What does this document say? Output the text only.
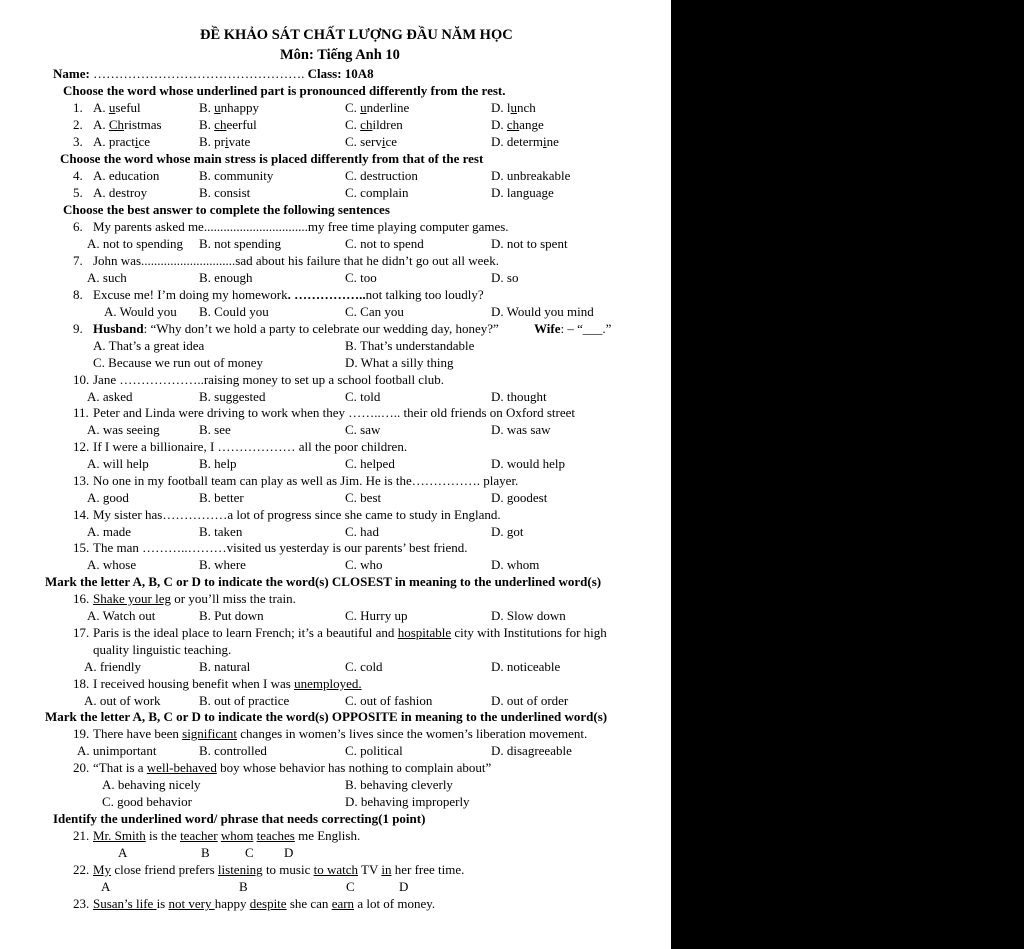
ĐỀ KHẢO SÁT CHẤT LƯỢNG ĐẦU NĂM HỌC
Môn: Tiếng Anh 10
Name: …………………………………………. Class: 10A8
Choose the word whose underlined part is pronounced differently from the rest.
1. A. useful	B. unhappy	C. underline	D. lunch
2. A. Christmas	B. cheerful	C. children	D. change
3. A. practice	B. private	C. service	D. determine
Choose the word whose main stress is placed differently from that of the rest
4. A. education	B. community	C. destruction	D. unbreakable
5. A. destroy	B. consist	C. complain	D. language
Choose the best answer to complete the following sentences
6. My parents asked me................................my free time playing computer games.
A. not to spending B. not spending	C. not to spend	D. not to spent
7. John was.............................sad about his failure that he didn’t go out all week.
A. such	B. enough	C. too	D. so
8. Excuse me! I’m doing my homework. ……………..not talking too loudly?
A. Would you B. Could you	C. Can you	D. Would you mind
9. Husband: “Why don’t we hold a party to celebrate our wedding day, honey?”	Wife: – “___.”
A. That’s a great idea	B. That’s understandable
C. Because we run out of money	D. What a silly thing
10. Jane ………………..raising money to set up a school football club.
A. asked	B. suggested	C. told	D. thought
11. Peter and Linda were driving to work when they ……..….. their old friends on Oxford street
A. was seeing	B. see	C. saw	D. was saw
12. If I were a billionaire, I ……………… all the poor children.
A. will help	B. help	C. helped	D. would help
13. No one in my football team can play as well as Jim. He is the……………. player.
A. good	B. better	C. best	D. goodest
14. My sister has……………a lot of progress since she came to study in England.
A. made	B. taken	C. had	D. got
15. The man ………..………visited us yesterday is our parents’ best friend.
A. whose	B. where	C. who	D. whom
Mark the letter A, B, C or D to indicate the word(s) CLOSEST in meaning to the underlined word(s)
16. Shake your leg or you’ll miss the train.
A. Watch out	B. Put down	C. Hurry up	D. Slow down
17. Paris is the ideal place to learn French; it’s a beautiful and hospitable city with Institutions for high
quality linguistic teaching.
A. friendly	B. natural	C. cold	D. noticeable
18. I received housing benefit when I was unemployed.
A. out of work	B. out of practice	C. out of fashion	D. out of order
Mark the letter A, B, C or D to indicate the word(s) OPPOSITE in meaning to the underlined word(s)
19. There have been significant changes in women’s lives since the women’s liberation movement.
A. unimportant	B. controlled	C. political	D. disagreeable
20. “That is a well-behaved boy whose behavior has nothing to complain about”
A. behaving nicely	B. behaving cleverly
C. good behavior	D. behaving improperly
Identify the underlined word/ phrase that needs correcting(1 point)
21. Mr. Smith is the teacher whom teaches me English.
A	B	C D
22. My close friend prefers listening to music to watch TV in her free time.
A	B	C	D
23. Susan’s life is not very happy despite she can earn a lot of money.
